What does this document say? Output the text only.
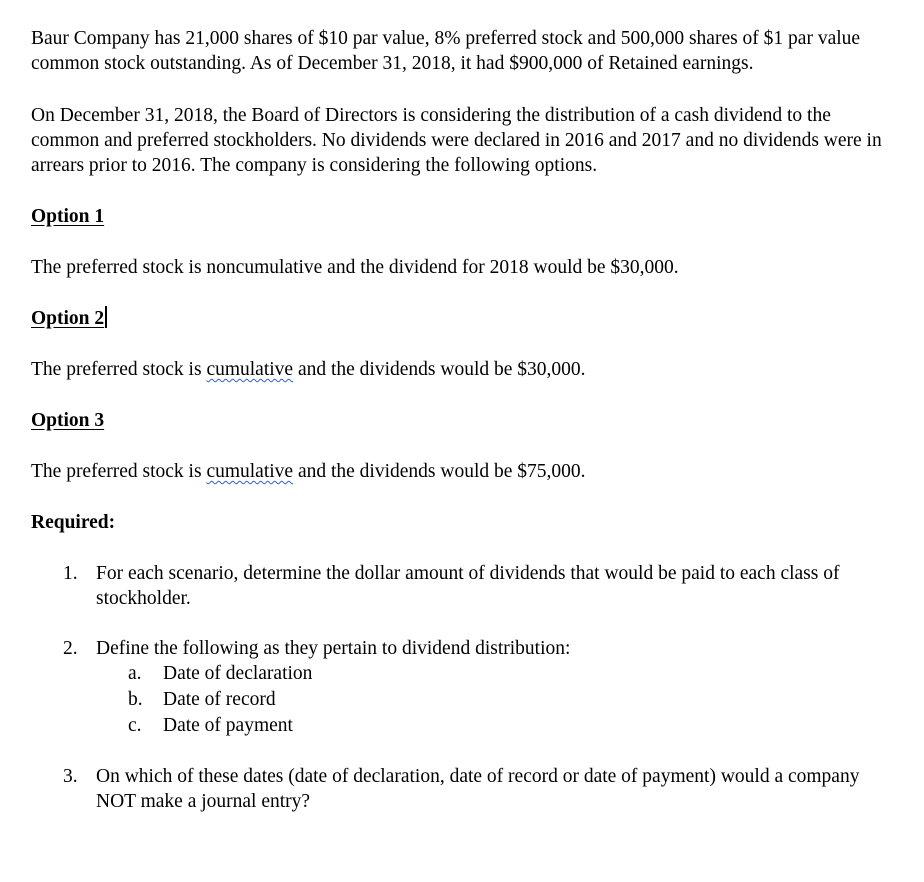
Baur Company has 21,000 shares of $10 par value, 8% preferred stock and 500,000 shares of $1 par value common stock outstanding. As of December 31, 2018, it had $900,000 of Retained earnings.

On December 31, 2018, the Board of Directors is considering the distribution of a cash dividend to the common and preferred stockholders. No dividends were declared in 2016 and 2017 and no dividends were in arrears prior to 2016. The company is considering the following options.

Option 1

The preferred stock is noncumulative and the dividend for 2018 would be $30,000.

Option 2

The preferred stock is cumulative and the dividends would be $30,000.

Option 3

The preferred stock is cumulative and the dividends would be $75,000.

Required:

1. For each scenario, determine the dollar amount of dividends that would be paid to each class of stockholder.
2. Define the following as they pertain to dividend distribution:
a. Date of declaration
b. Date of record
c. Date of payment
3. On which of these dates (date of declaration, date of record or date of payment) would a company NOT make a journal entry?
